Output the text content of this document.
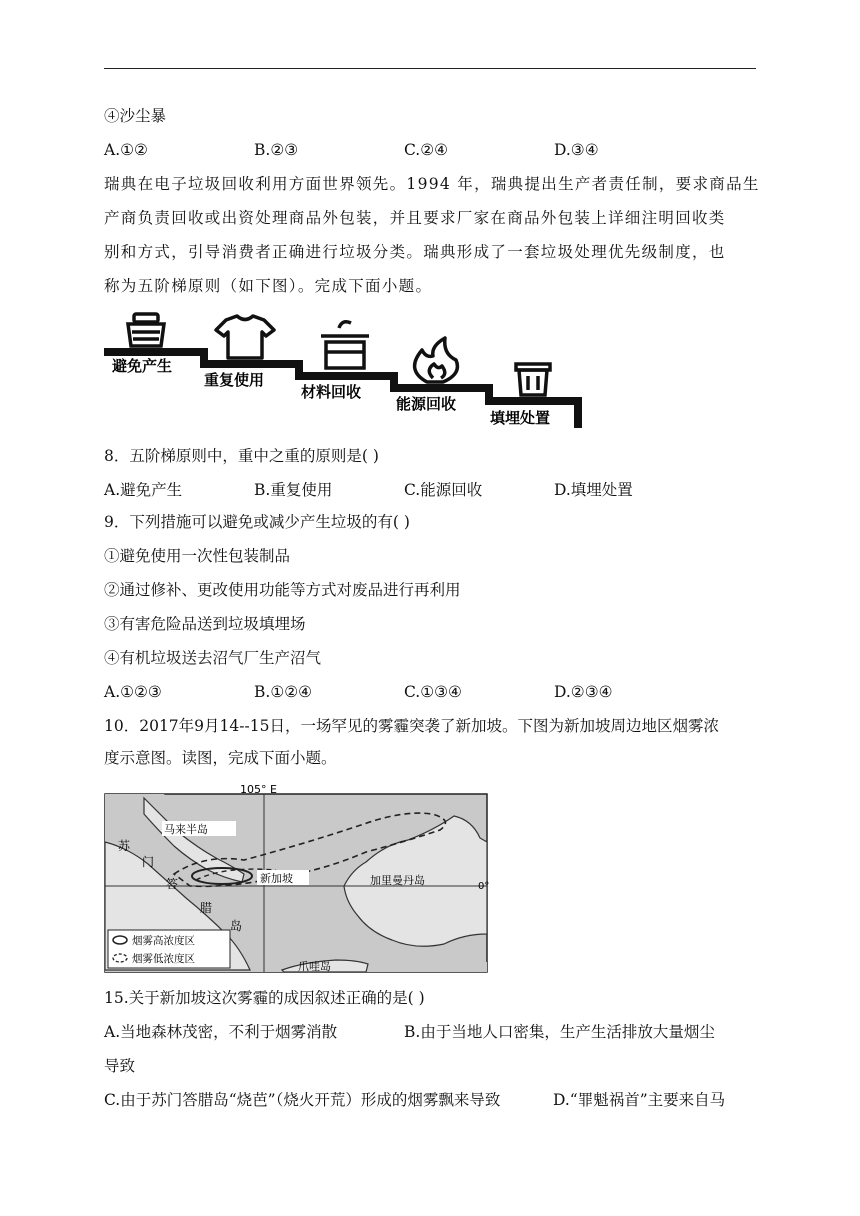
④沙尘暴
A.①②	B.②③	C.②④	D.③④
瑞典在电子垃圾回收利用方面世界领先。1994 年，瑞典提出生产者责任制，要求商品生
产商负责回收或出资处理商品外包装，并且要求厂家在商品外包装上详细注明回收类
别和方式，引导消费者正确进行垃圾分类。瑞典形成了一套垃圾处理优先级制度，也
称为五阶梯原则（如下图）。完成下面小题。
避免产生
重复使用
材料回收
能源回收
填埋处置
8．五阶梯原则中，重中之重的原则是( )
A.避免产生	B.重复使用	C.能源回收	D.填埋处置
9．下列措施可以避免或减少产生垃圾的有( )
①避免使用一次性包装制品
②通过修补、更改使用功能等方式对废品进行再利用
③有害危险品送到垃圾填埋场
④有机垃圾送去沼气厂生产沼气
A.①②③	B.①②④	C.①③④	D.②③④
10．2017年9月14--15日，一场罕见的雾霾突袭了新加坡。下图为新加坡周边地区烟雾浓
度示意图。读图，完成下面小题。
105° E
0°
马来半岛
新加坡	加里曼丹岛
爪哇岛
苏
门
答
腊
岛
烟雾高浓度区
烟雾低浓度区
15.关于新加坡这次雾霾的成因叙述正确的是( )
A.当地森林茂密，不利于烟雾消散	B.由于当地人口密集，生产生活排放大量烟尘
导致
C.由于苏门答腊岛“烧芭”（烧火开荒）形成的烟雾飘来导致	D.“罪魁祸首”主要来自马
